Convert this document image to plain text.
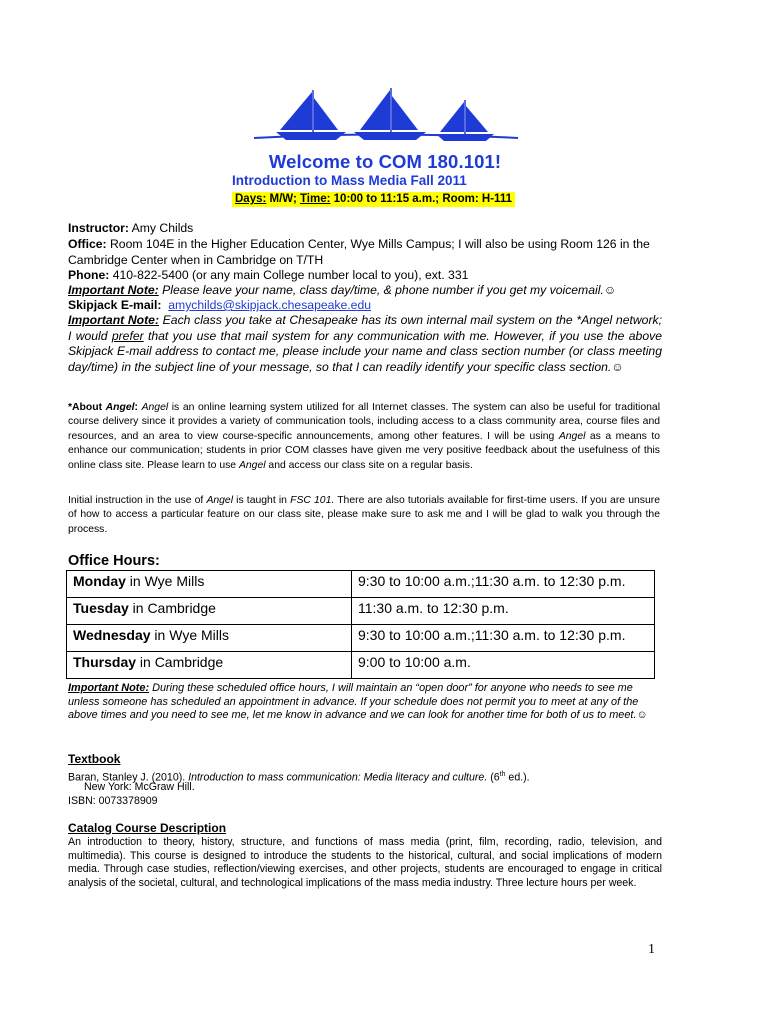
Welcome to COM 180.101!
Introduction to Mass Media Fall 2011
Days: M/W; Time: 10:00 to 11:15 a.m.; Room: H-111
Instructor: Amy Childs
Office: Room 104E in the Higher Education Center, Wye Mills Campus; I will also be using Room 126 in the Cambridge Center when in Cambridge on T/TH
Phone: 410-822-5400 (or any main College number local to you), ext. 331
Important Note: Please leave your name, class day/time, & phone number if you get my voicemail.☺
Skipjack E-mail: amychilds@skipjack.chesapeake.edu
Important Note: Each class you take at Chesapeake has its own internal mail system on the *Angel network; I would prefer that you use that mail system for any communication with me. However, if you use the above Skipjack E-mail address to contact me, please include your name and class section number (or class meeting day/time) in the subject line of your message, so that I can readily identify your specific class section.☺
*About Angel: Angel is an online learning system utilized for all Internet classes. The system can also be useful for traditional course delivery since it provides a variety of communication tools, including access to a class community area, course files and resources, and an area to view course-specific announcements, among other features. I will be using Angel as a means to enhance our communication; students in prior COM classes have given me very positive feedback about the usefulness of this online class site. Please learn to use Angel and access our class site on a regular basis.
Initial instruction in the use of Angel is taught in FSC 101. There are also tutorials available for first-time users. If you are unsure of how to access a particular feature on our class site, please make sure to ask me and I will be glad to walk you through the process.
Office Hours:
Monday in Wye Mills	9:30 to 10:00 a.m.;11:30 a.m. to 12:30 p.m.
Tuesday in Cambridge	11:30 a.m. to 12:30 p.m.
Wednesday in Wye Mills	9:30 to 10:00 a.m.;11:30 a.m. to 12:30 p.m.
Thursday in Cambridge	9:00 to 10:00 a.m.
Important Note: During these scheduled office hours, I will maintain an “open door” for anyone who needs to see me unless someone has scheduled an appointment in advance. If your schedule does not permit you to meet at any of the above times and you need to see me, let me know in advance and we can look for another time for both of us to meet.☺
Textbook
Baran, Stanley J. (2010). Introduction to mass communication: Media literacy and culture. (6th ed.).
New York: McGraw Hill.
ISBN: 0073378909
Catalog Course Description
An introduction to theory, history, structure, and functions of mass media (print, film, recording, radio, television, and multimedia). This course is designed to introduce the students to the historical, cultural, and social implications of modern media. Through case studies, reflection/viewing exercises, and other projects, students are encouraged to engage in critical analysis of the societal, cultural, and technological implications of the mass media industry. Three lecture hours per week.
1
